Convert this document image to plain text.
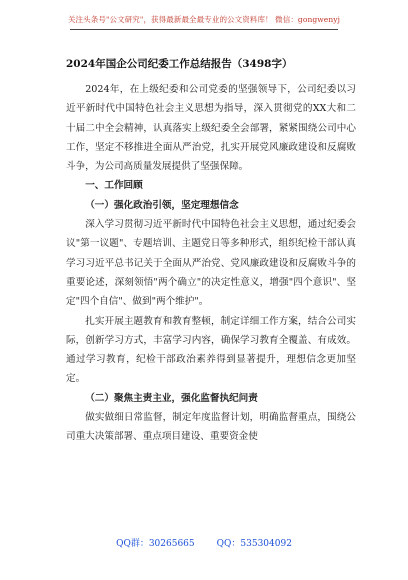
关注头条号"公文研究"，获得最新最全最专业的公文资料库！ 微信：gongwenyj
2024年国企公司纪委工作总结报告（3498字）

2024年，在上级纪委和公司党委的坚强领导下，公司纪委以习近平新时代中国特色社会主义思想为指导，深入贯彻党的XX大和二十届二中全会精神，认真落实上级纪委全会部署，紧紧围绕公司中心工作，坚定不移推进全面从严治党，扎实开展党风廉政建设和反腐败斗争，为公司高质量发展提供了坚强保障。

一、工作回顾

（一）强化政治引领，坚定理想信念

深入学习贯彻习近平新时代中国特色社会主义思想，通过纪委会议"第一议题"、专题培训、主题党日等多种形式，组织纪检干部认真学习习近平总书记关于全面从严治党、党风廉政建设和反腐败斗争的重要论述，深刻领悟"两个确立"的决定性意义，增强"四个意识"、坚定"四个自信"、做到"两个维护"。

扎实开展主题教育和教育整顿，制定详细工作方案，结合公司实际，创新学习方式，丰富学习内容，确保学习教育全覆盖、有成效。通过学习教育，纪检干部政治素养得到显著提升，理想信念更加坚定。

（二）聚焦主责主业，强化监督执纪问责

做实做细日常监督，制定年度监督计划，明确监督重点，围绕公司重大决策部署、重点项目建设、重要资金使

QQ群：30265665 QQ：535304092
